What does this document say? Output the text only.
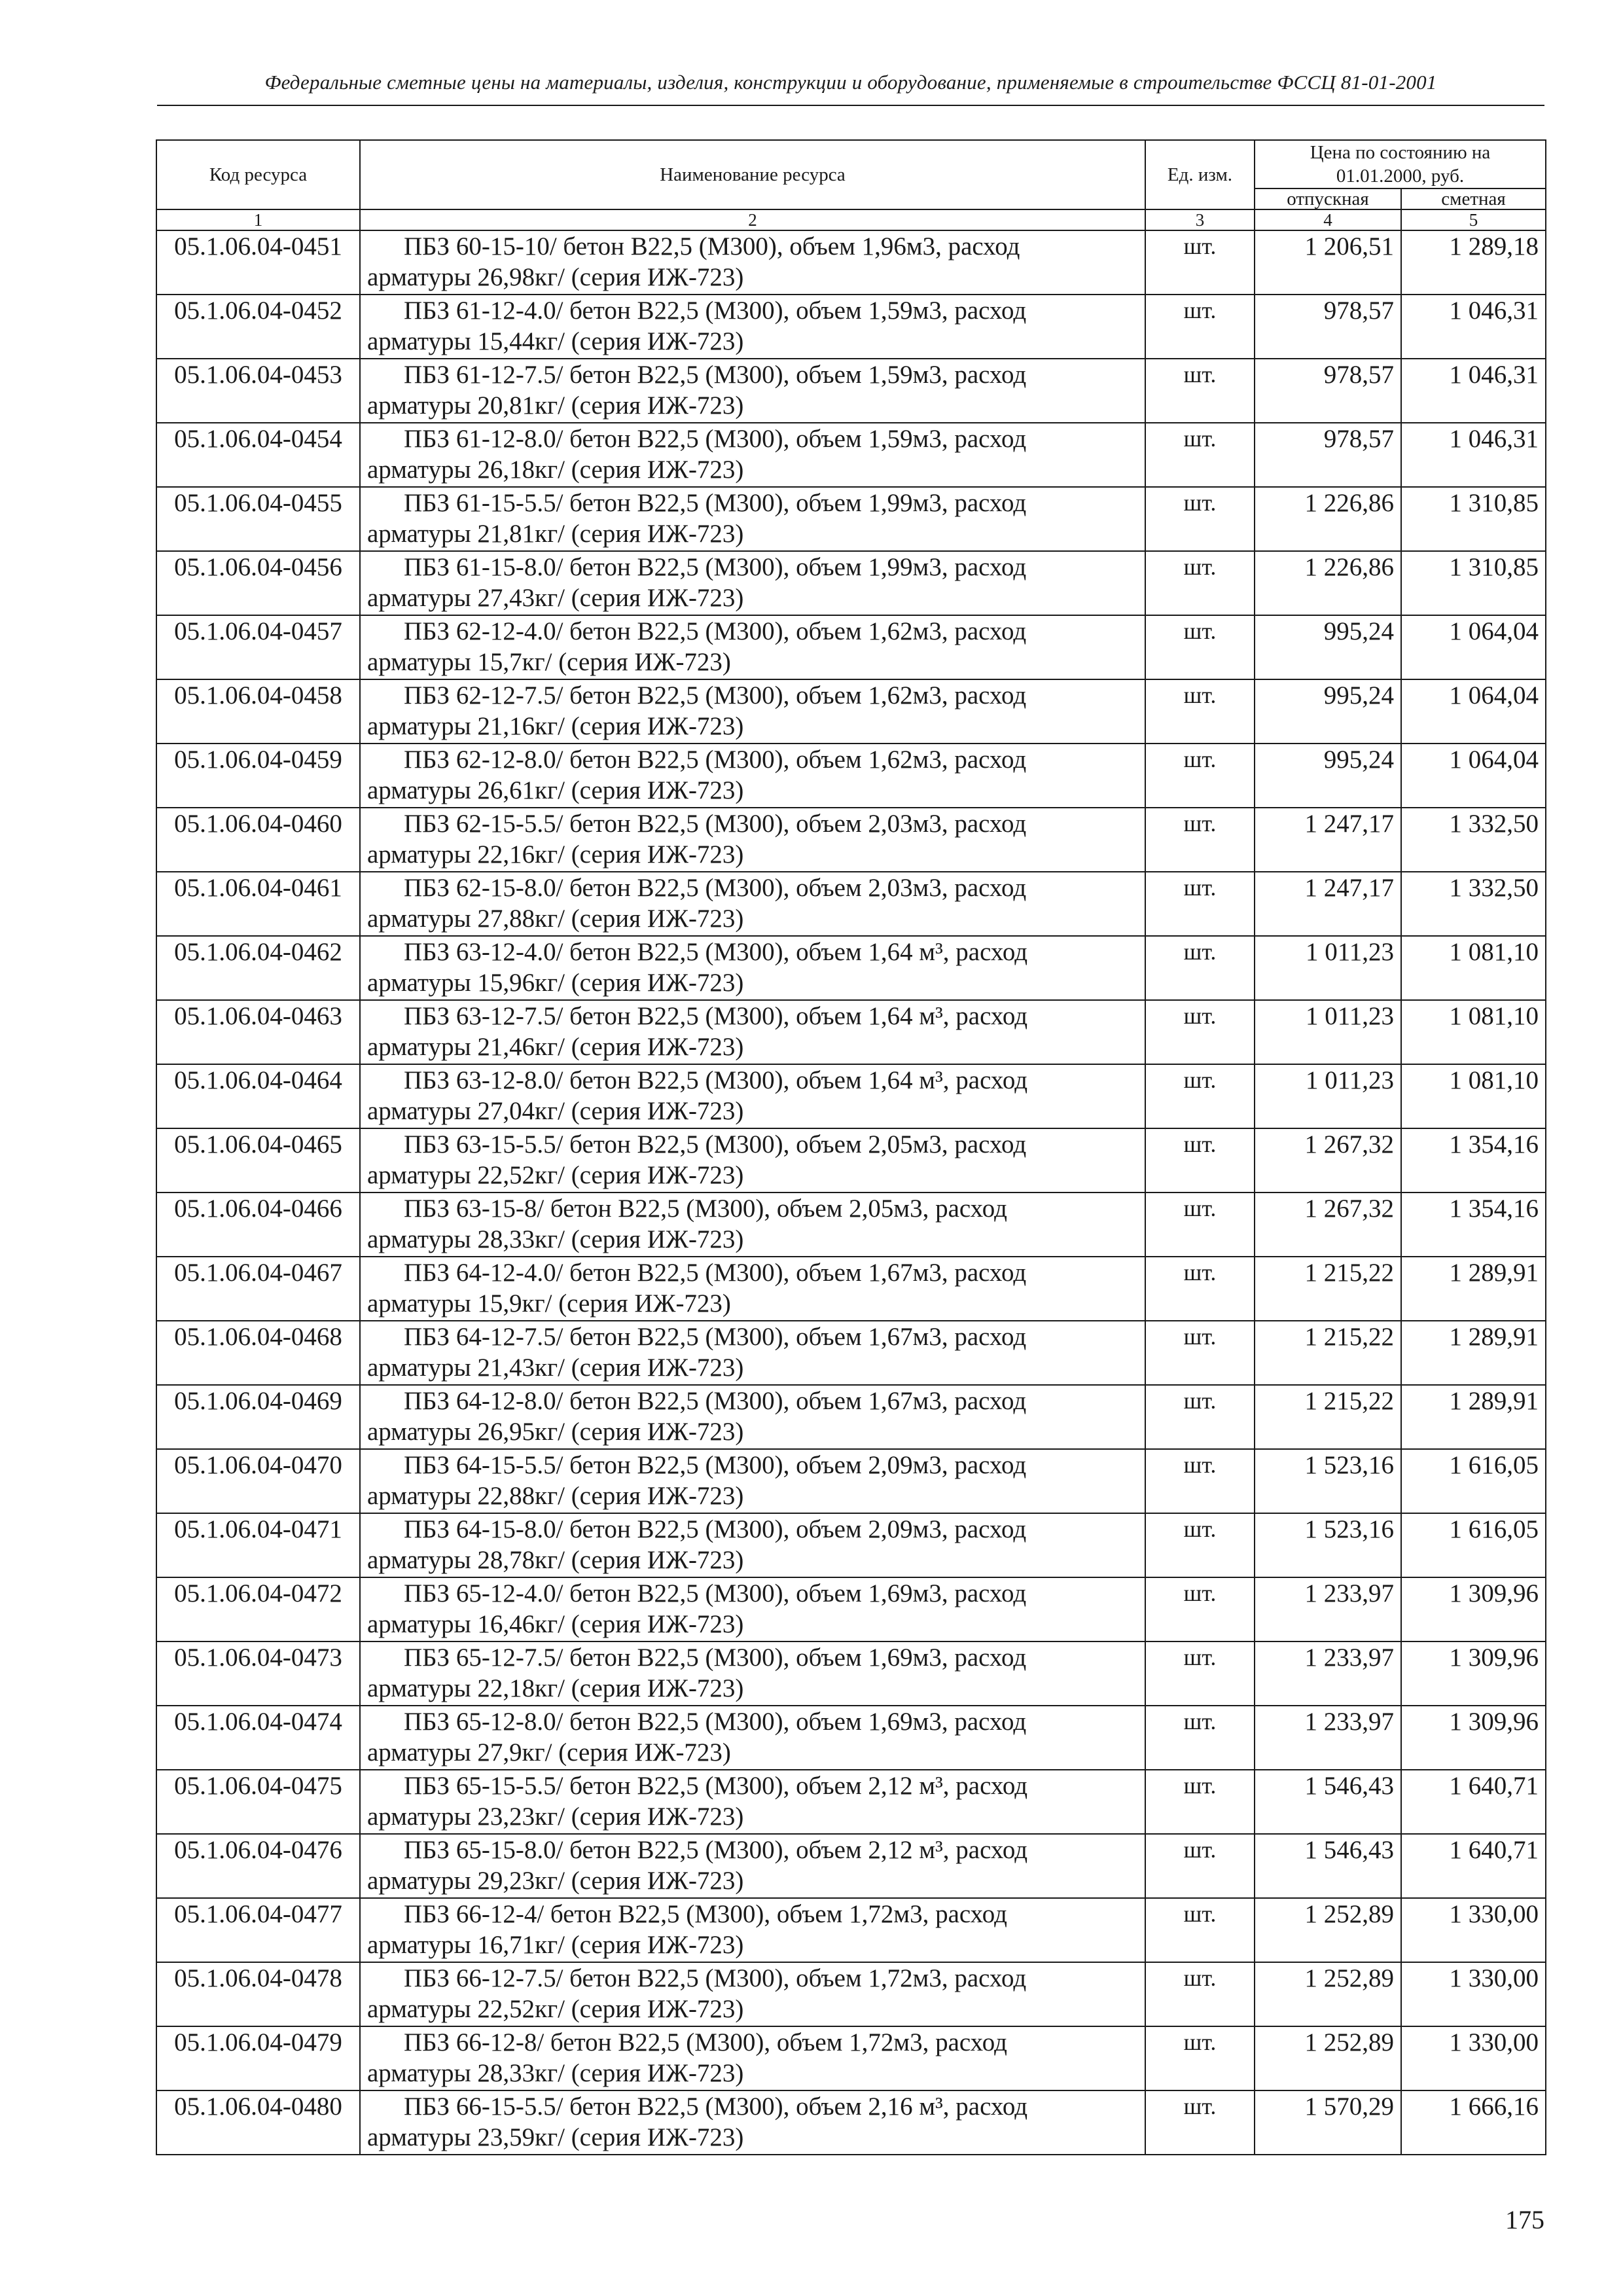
Федеральные сметные цены на материалы, изделия, конструкции и оборудование, применяемые в строительстве ФССЦ 81-01-2001
Код ресурса	Наименование ресурса	Ед. изм.	Цена по состоянию на 01.01.2000, руб.	
			отпускная	сметная
1	2	3	4	5
05.1.06.04-0451	ПБЗ 60-15-10/ бетон В22,5 (М300), объем 1,96м3, расход
арматуры 26,98кг/ (серия ИЖ-723)	шт.	1 206,51	1 289,18
05.1.06.04-0452	ПБЗ 61-12-4.0/ бетон В22,5 (М300), объем 1,59м3, расход
арматуры 15,44кг/ (серия ИЖ-723)	шт.	978,57	1 046,31
05.1.06.04-0453	ПБЗ 61-12-7.5/ бетон В22,5 (М300), объем 1,59м3, расход
арматуры 20,81кг/ (серия ИЖ-723)	шт.	978,57	1 046,31
05.1.06.04-0454	ПБЗ 61-12-8.0/ бетон В22,5 (М300), объем 1,59м3, расход
арматуры 26,18кг/ (серия ИЖ-723)	шт.	978,57	1 046,31
05.1.06.04-0455	ПБЗ 61-15-5.5/ бетон В22,5 (М300), объем 1,99м3, расход
арматуры 21,81кг/ (серия ИЖ-723)	шт.	1 226,86	1 310,85
05.1.06.04-0456	ПБЗ 61-15-8.0/ бетон В22,5 (М300), объем 1,99м3, расход
арматуры 27,43кг/ (серия ИЖ-723)	шт.	1 226,86	1 310,85
05.1.06.04-0457	ПБЗ 62-12-4.0/ бетон В22,5 (М300), объем 1,62м3, расход
арматуры 15,7кг/ (серия ИЖ-723)	шт.	995,24	1 064,04
05.1.06.04-0458	ПБЗ 62-12-7.5/ бетон В22,5 (М300), объем 1,62м3, расход
арматуры 21,16кг/ (серия ИЖ-723)	шт.	995,24	1 064,04
05.1.06.04-0459	ПБЗ 62-12-8.0/ бетон В22,5 (М300), объем 1,62м3, расход
арматуры 26,61кг/ (серия ИЖ-723)	шт.	995,24	1 064,04
05.1.06.04-0460	ПБЗ 62-15-5.5/ бетон В22,5 (М300), объем 2,03м3, расход
арматуры 22,16кг/ (серия ИЖ-723)	шт.	1 247,17	1 332,50
05.1.06.04-0461	ПБЗ 62-15-8.0/ бетон В22,5 (М300), объем 2,03м3, расход
арматуры 27,88кг/ (серия ИЖ-723)	шт.	1 247,17	1 332,50
05.1.06.04-0462	ПБЗ 63-12-4.0/ бетон В22,5 (М300), объем 1,64 м³, расход
арматуры 15,96кг/ (серия ИЖ-723)	шт.	1 011,23	1 081,10
05.1.06.04-0463	ПБЗ 63-12-7.5/ бетон В22,5 (М300), объем 1,64 м³, расход
арматуры 21,46кг/ (серия ИЖ-723)	шт.	1 011,23	1 081,10
05.1.06.04-0464	ПБЗ 63-12-8.0/ бетон В22,5 (М300), объем 1,64 м³, расход
арматуры 27,04кг/ (серия ИЖ-723)	шт.	1 011,23	1 081,10
05.1.06.04-0465	ПБЗ 63-15-5.5/ бетон В22,5 (М300), объем 2,05м3, расход
арматуры 22,52кг/ (серия ИЖ-723)	шт.	1 267,32	1 354,16
05.1.06.04-0466	ПБЗ 63-15-8/ бетон В22,5 (М300), объем 2,05м3, расход
арматуры 28,33кг/ (серия ИЖ-723)	шт.	1 267,32	1 354,16
05.1.06.04-0467	ПБЗ 64-12-4.0/ бетон В22,5 (М300), объем 1,67м3, расход
арматуры 15,9кг/ (серия ИЖ-723)	шт.	1 215,22	1 289,91
05.1.06.04-0468	ПБЗ 64-12-7.5/ бетон В22,5 (М300), объем 1,67м3, расход
арматуры 21,43кг/ (серия ИЖ-723)	шт.	1 215,22	1 289,91
05.1.06.04-0469	ПБЗ 64-12-8.0/ бетон В22,5 (М300), объем 1,67м3, расход
арматуры 26,95кг/ (серия ИЖ-723)	шт.	1 215,22	1 289,91
05.1.06.04-0470	ПБЗ 64-15-5.5/ бетон В22,5 (М300), объем 2,09м3, расход
арматуры 22,88кг/ (серия ИЖ-723)	шт.	1 523,16	1 616,05
05.1.06.04-0471	ПБЗ 64-15-8.0/ бетон В22,5 (М300), объем 2,09м3, расход
арматуры 28,78кг/ (серия ИЖ-723)	шт.	1 523,16	1 616,05
05.1.06.04-0472	ПБЗ 65-12-4.0/ бетон В22,5 (М300), объем 1,69м3, расход
арматуры 16,46кг/ (серия ИЖ-723)	шт.	1 233,97	1 309,96
05.1.06.04-0473	ПБЗ 65-12-7.5/ бетон В22,5 (М300), объем 1,69м3, расход
арматуры 22,18кг/ (серия ИЖ-723)	шт.	1 233,97	1 309,96
05.1.06.04-0474	ПБЗ 65-12-8.0/ бетон В22,5 (М300), объем 1,69м3, расход
арматуры 27,9кг/ (серия ИЖ-723)	шт.	1 233,97	1 309,96
05.1.06.04-0475	ПБЗ 65-15-5.5/ бетон В22,5 (М300), объем 2,12 м³, расход
арматуры 23,23кг/ (серия ИЖ-723)	шт.	1 546,43	1 640,71
05.1.06.04-0476	ПБЗ 65-15-8.0/ бетон В22,5 (М300), объем 2,12 м³, расход
арматуры 29,23кг/ (серия ИЖ-723)	шт.	1 546,43	1 640,71
05.1.06.04-0477	ПБЗ 66-12-4/ бетон В22,5 (М300), объем 1,72м3, расход
арматуры 16,71кг/ (серия ИЖ-723)	шт.	1 252,89	1 330,00
05.1.06.04-0478	ПБЗ 66-12-7.5/ бетон В22,5 (М300), объем 1,72м3, расход
арматуры 22,52кг/ (серия ИЖ-723)	шт.	1 252,89	1 330,00
05.1.06.04-0479	ПБЗ 66-12-8/ бетон В22,5 (М300), объем 1,72м3, расход
арматуры 28,33кг/ (серия ИЖ-723)	шт.	1 252,89	1 330,00
05.1.06.04-0480	ПБЗ 66-15-5.5/ бетон В22,5 (М300), объем 2,16 м³, расход
арматуры 23,59кг/ (серия ИЖ-723)	шт.	1 570,29	1 666,16
175
